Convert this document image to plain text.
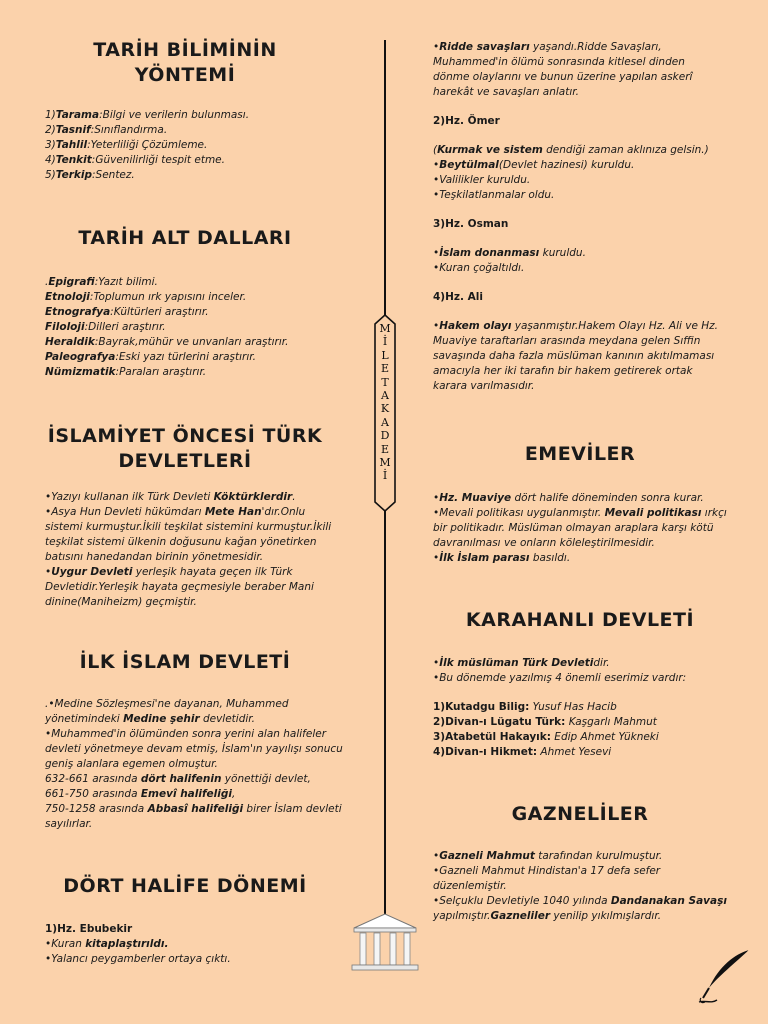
M
İ
L
E
T
A
K
A
D
E
M
İ
TARİH BİLİMİNİN YÖNTEMİ
1)Tarama:Bilgi ve verilerin bulunması.
2)Tasnif:Sınıflandırma.
3)Tahlil:Yeterliliği Çözümleme.
4)Tenkit:Güvenilirliği tespit etme.
5)Terkip:Sentez.
TARİH ALT DALLARI
.Epigrafi:Yazıt bilimi.
Etnoloji:Toplumun ırk yapısını inceler.
Etnografya:Kültürleri araştırır.
Filoloji:Dilleri araştırır.
Heraldik:Bayrak,mühür ve unvanları araştırır.
Paleografya:Eski yazı türlerini araştırır.
Nümizmatik:Paraları araştırır.
İSLAMİYET ÖNCESİ TÜRK DEVLETLERİ
•Yazıyı kullanan ilk Türk Devleti Köktürklerdir.
•Asya Hun Devleti hükümdarı Mete Han'dır.Onlu sistemi kurmuştur.İkili teşkilat sistemini kurmuştur.İkili teşkilat sistemi ülkenin doğusunu kağan yönetirken batısını hanedandan birinin yönetmesidir.
•Uygur Devleti yerleşik hayata geçen ilk Türk Devletidir.Yerleşik hayata geçmesiyle beraber Mani dinine(Maniheizm) geçmiştir.
İLK İSLAM DEVLETİ
.•Medine Sözleşmesi'ne dayanan, Muhammed yönetimindeki Medine şehir devletidir.
•Muhammed'in ölümünden sonra yerini alan halifeler devleti yönetmeye devam etmiş, İslam'ın yayılışı sonucu geniş alanlara egemen olmuştur.
632-661 arasında dört halifenin yönettiği devlet,
661-750 arasında Emevî halifeliği,
750-1258 arasında Abbasî halifeliği birer İslam devleti sayılırlar.
DÖRT HALİFE DÖNEMİ
1)Hz. Ebubekir
•Kuran kitaplaştırıldı.
•Yalancı peygamberler ortaya çıktı.
•Ridde savaşları yaşandı.Ridde Savaşları, Muhammed'in ölümü sonrasında kitlesel dinden dönme olaylarını ve bunun üzerine yapılan askerî harekât ve savaşları anlatır.
2)Hz. Ömer
(Kurmak ve sistem dendiği zaman aklınıza gelsin.)
•Beytülmal(Devlet hazinesi) kuruldu.
•Valilikler kuruldu.
•Teşkilatlanmalar oldu.
3)Hz. Osman
•İslam donanması kuruldu.
•Kuran çoğaltıldı.
4)Hz. Ali
•Hakem olayı yaşanmıştır.Hakem Olayı Hz. Ali ve Hz. Muaviye taraftarları arasında meydana gelen Sıffin savaşında daha fazla müslüman kanının akıtılmaması amacıyla her iki tarafın bir hakem getirerek ortak karara varılmasıdır.
EMEVİLER
•Hz. Muaviye dört halife döneminden sonra kurar.
•Mevali politikası uygulanmıştır. Mevali politikası ırkçı bir politikadır. Müslüman olmayan araplara karşı kötü davranılması ve onların köleleştirilmesidir.
•İlk İslam parası basıldı.
KARAHANLI DEVLETİ
•İlk müslüman Türk Devletidir.
•Bu dönemde yazılmış 4 önemli eserimiz vardır:
1)Kutadgu Bilig: Yusuf Has Hacib
2)Divan-ı Lügatu Türk: Kaşgarlı Mahmut
3)Atabetül Hakayık: Edip Ahmet Yükneki
4)Divan-ı Hikmet: Ahmet Yesevi
GAZNELİLER
•Gazneli Mahmut tarafından kurulmuştur.
•Gazneli Mahmut Hindistan'a 17 defa sefer düzenlemiştir.
•Selçuklu Devletiyle 1040 yılında Dandanakan Savaşı yapılmıştır.Gazneliler yenilip yıkılmışlardır.
